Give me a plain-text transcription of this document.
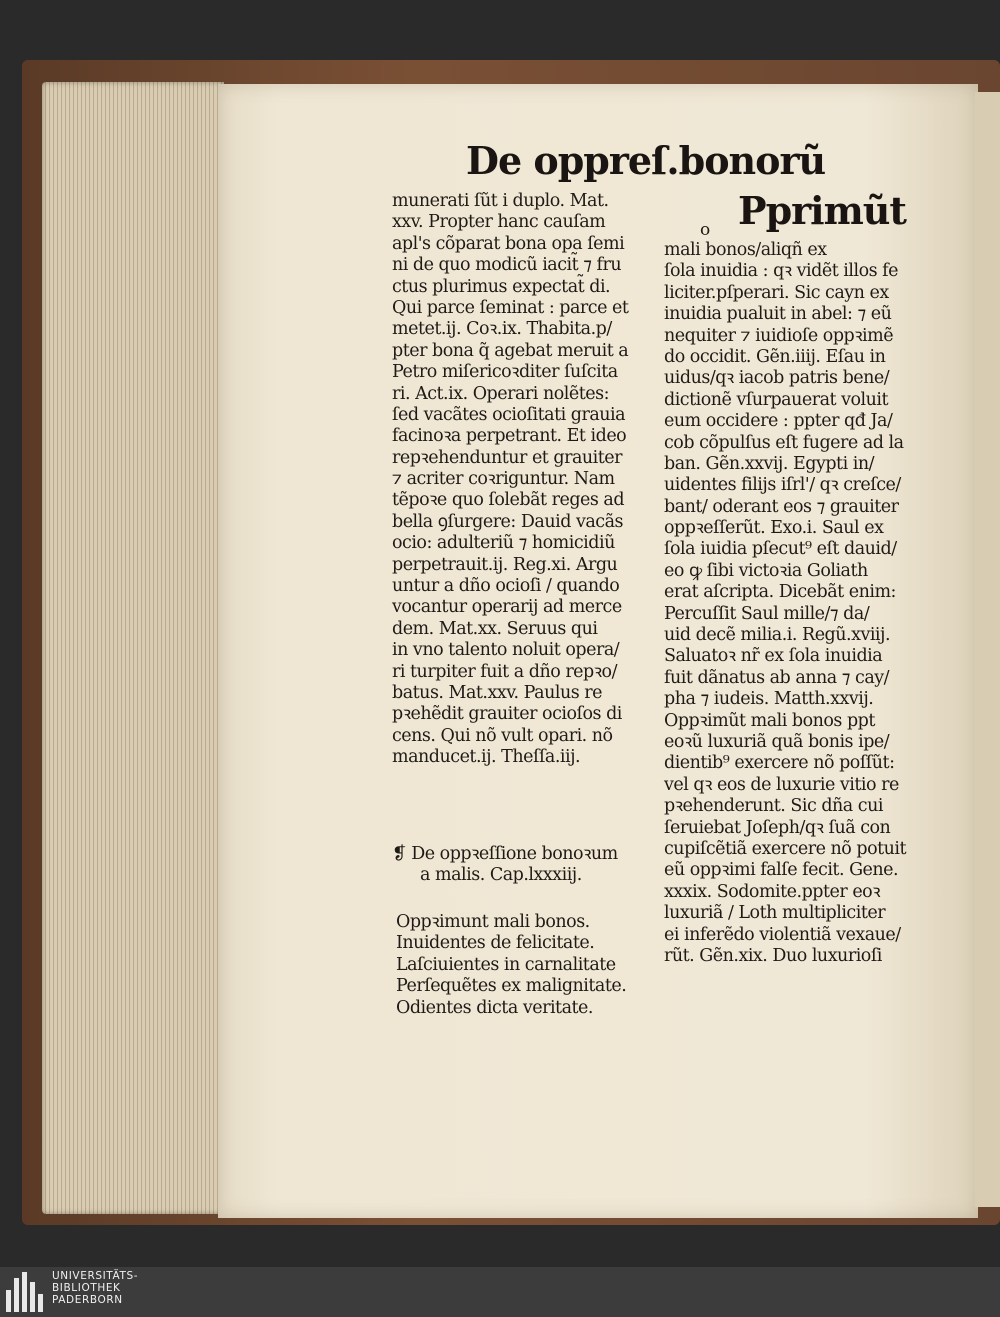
De oppreſ.bonorũ
munerati ſũt i duplo. Mat.
xxv. Propter hanc cauſam
apl's cõparat bona opa ſemi
ni de quo modicũ iacit̃ ⁊ fru
ctus plurimus expectat̃ di.
Qui parce ſeminat : parce et
metet.ij. Coꝛ.ix. Thabita.p/
pter bona q̃ agebat meruit a
Petro miſericoꝛditer ſuſcita
ri. Act.ix. Operari nolẽtes:
ſed vacãtes ocioſitati grauia
facinoꝛa perpetrant. Et ideo
repꝛehenduntur et grauiter
⁊ acriter coꝛriguntur. Nam
tẽpoꝛe quo ſolebãt reges ad
bella ꝯſurgere: Dauid vacãs
ocio: adulteriũ ⁊ homicidiũ
perpetrauit.ij. Reg.xi. Argu
untur a dño ocioſi / quando
vocantur operarij ad merce
dem. Mat.xx. Seruus qui
in vno talento noluit opera/
ri turpiter fuit a dño repꝛo/
batus. Mat.xxv. Paulus re
pꝛehẽdit grauiter ocioſos di
cens. Qui nõ vult opari. nõ
manducet.ij. Theſſa.iij.
o Pprimũt
mali bonos/aliqñ ex
ſola inuidia : qꝛ vidẽt illos fe
liciter.pſperari. Sic cayn ex
inuidia pualuit in abel: ⁊ eũ
nequiter ⁊ iuidioſe oppꝛimẽ
do occidit. Gẽn.iiij. Eſau in
uidus/qꝛ iacob patris bene/
dictionẽ vſurpauerat voluit
eum occidere : ppter qđ Ja/
cob cõpulſus eſt fugere ad la
ban. Gẽn.xxvij. Egypti in/
uidentes filijs iſrl'/ qꝛ creſce/
bant/ oderant eos ⁊ grauiter
oppꝛeſſerũt. Exo.i. Saul ex
ſola iuidia pſecut⁹ eſt dauid/
eo ꝙ ſibi victoꝛia Goliath
erat aſcripta. Dicebãt enim:
Percuſſit Saul mille/⁊ da/
uid decẽ milia.i. Regũ.xviij.
Saluatoꝛ nr̃ ex ſola inuidia
fuit dãnatus ab anna ⁊ cay/
pha ⁊ iudeis. Matth.xxvij.
Oppꝛimũt mali bonos ppt
eoꝛũ luxuriã quã bonis ipe/
dientib⁹ exercere nõ poſſũt:
vel qꝛ eos de luxurie vitio re
pꝛehenderunt. Sic dña cui
ſeruiebat Joſeph/qꝛ ſuã con
cupiſcẽtiã exercere nõ potuit
eũ oppꝛimi falſe fecit. Gene.
xxxix. Sodomite.ppter eoꝛ
luxuriã / Loth multipliciter
ei inferẽdo violentiã vexaue/
rũt. Gẽn.xix. Duo luxurioſi
❡ De oppꝛeſſione bonoꝛum
a malis. Cap.lxxxiij.
Oppꝛimunt mali bonos.
Inuidentes de felicitate.
Laſciuientes in carnalitate
Perſequẽtes ex malignitate.
Odientes dicta veritate.
UNIVERSITÄTS-
BIBLIOTHEK
PADERBORN
